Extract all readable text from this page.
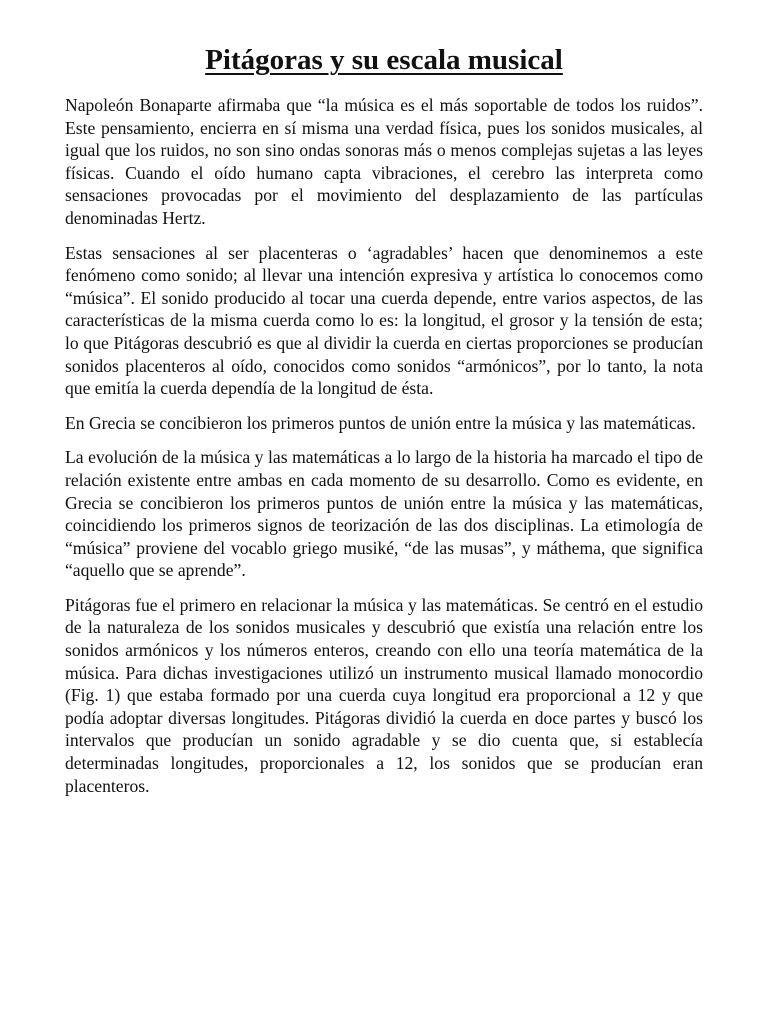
Pitágoras y su escala musical

Napoleón Bonaparte afirmaba que “la música es el más soportable de todos los ruidos”. Este pensamiento, encierra en sí misma una verdad física, pues los sonidos musicales, al igual que los ruidos, no son sino ondas sonoras más o menos complejas sujetas a las leyes físicas. Cuando el oído humano capta vibraciones, el cerebro las interpreta como sensaciones provocadas por el movimiento del desplazamiento de las partículas denominadas Hertz.

Estas sensaciones al ser placenteras o ‘agradables’ hacen que denominemos a este fenómeno como sonido; al llevar una intención expresiva y artística lo conocemos como “música”. El sonido producido al tocar una cuerda depende, entre varios aspectos, de las características de la misma cuerda como lo es: la longitud, el grosor y la tensión de esta; lo que Pitágoras descubrió es que al dividir la cuerda en ciertas proporciones se producían sonidos placenteros al oído, conocidos como sonidos “armónicos”, por lo tanto, la nota que emitía la cuerda dependía de la longitud de ésta.

En Grecia se concibieron los primeros puntos de unión entre la música y las matemáticas.

La evolución de la música y las matemáticas a lo largo de la historia ha marcado el tipo de relación existente entre ambas en cada momento de su desarrollo. Como es evidente, en Grecia se concibieron los primeros puntos de unión entre la música y las matemáticas, coincidiendo los primeros signos de teorización de las dos disciplinas. La etimología de “música” proviene del vocablo griego musiké, “de las musas”, y máthema, que significa “aquello que se aprende”.

Pitágoras fue el primero en relacionar la música y las matemáticas. Se centró en el estudio de la naturaleza de los sonidos musicales y descubrió que existía una relación entre los sonidos armónicos y los números enteros, creando con ello una teoría matemática de la música. Para dichas investigaciones utilizó un instrumento musical llamado monocordio (Fig. 1) que estaba formado por una cuerda cuya longitud era proporcional a 12 y que podía adoptar diversas longitudes. Pitágoras dividió la cuerda en doce partes y buscó los intervalos que producían un sonido agradable y se dio cuenta que, si establecía determinadas longitudes, proporcionales a 12, los sonidos que se producían eran placenteros.
